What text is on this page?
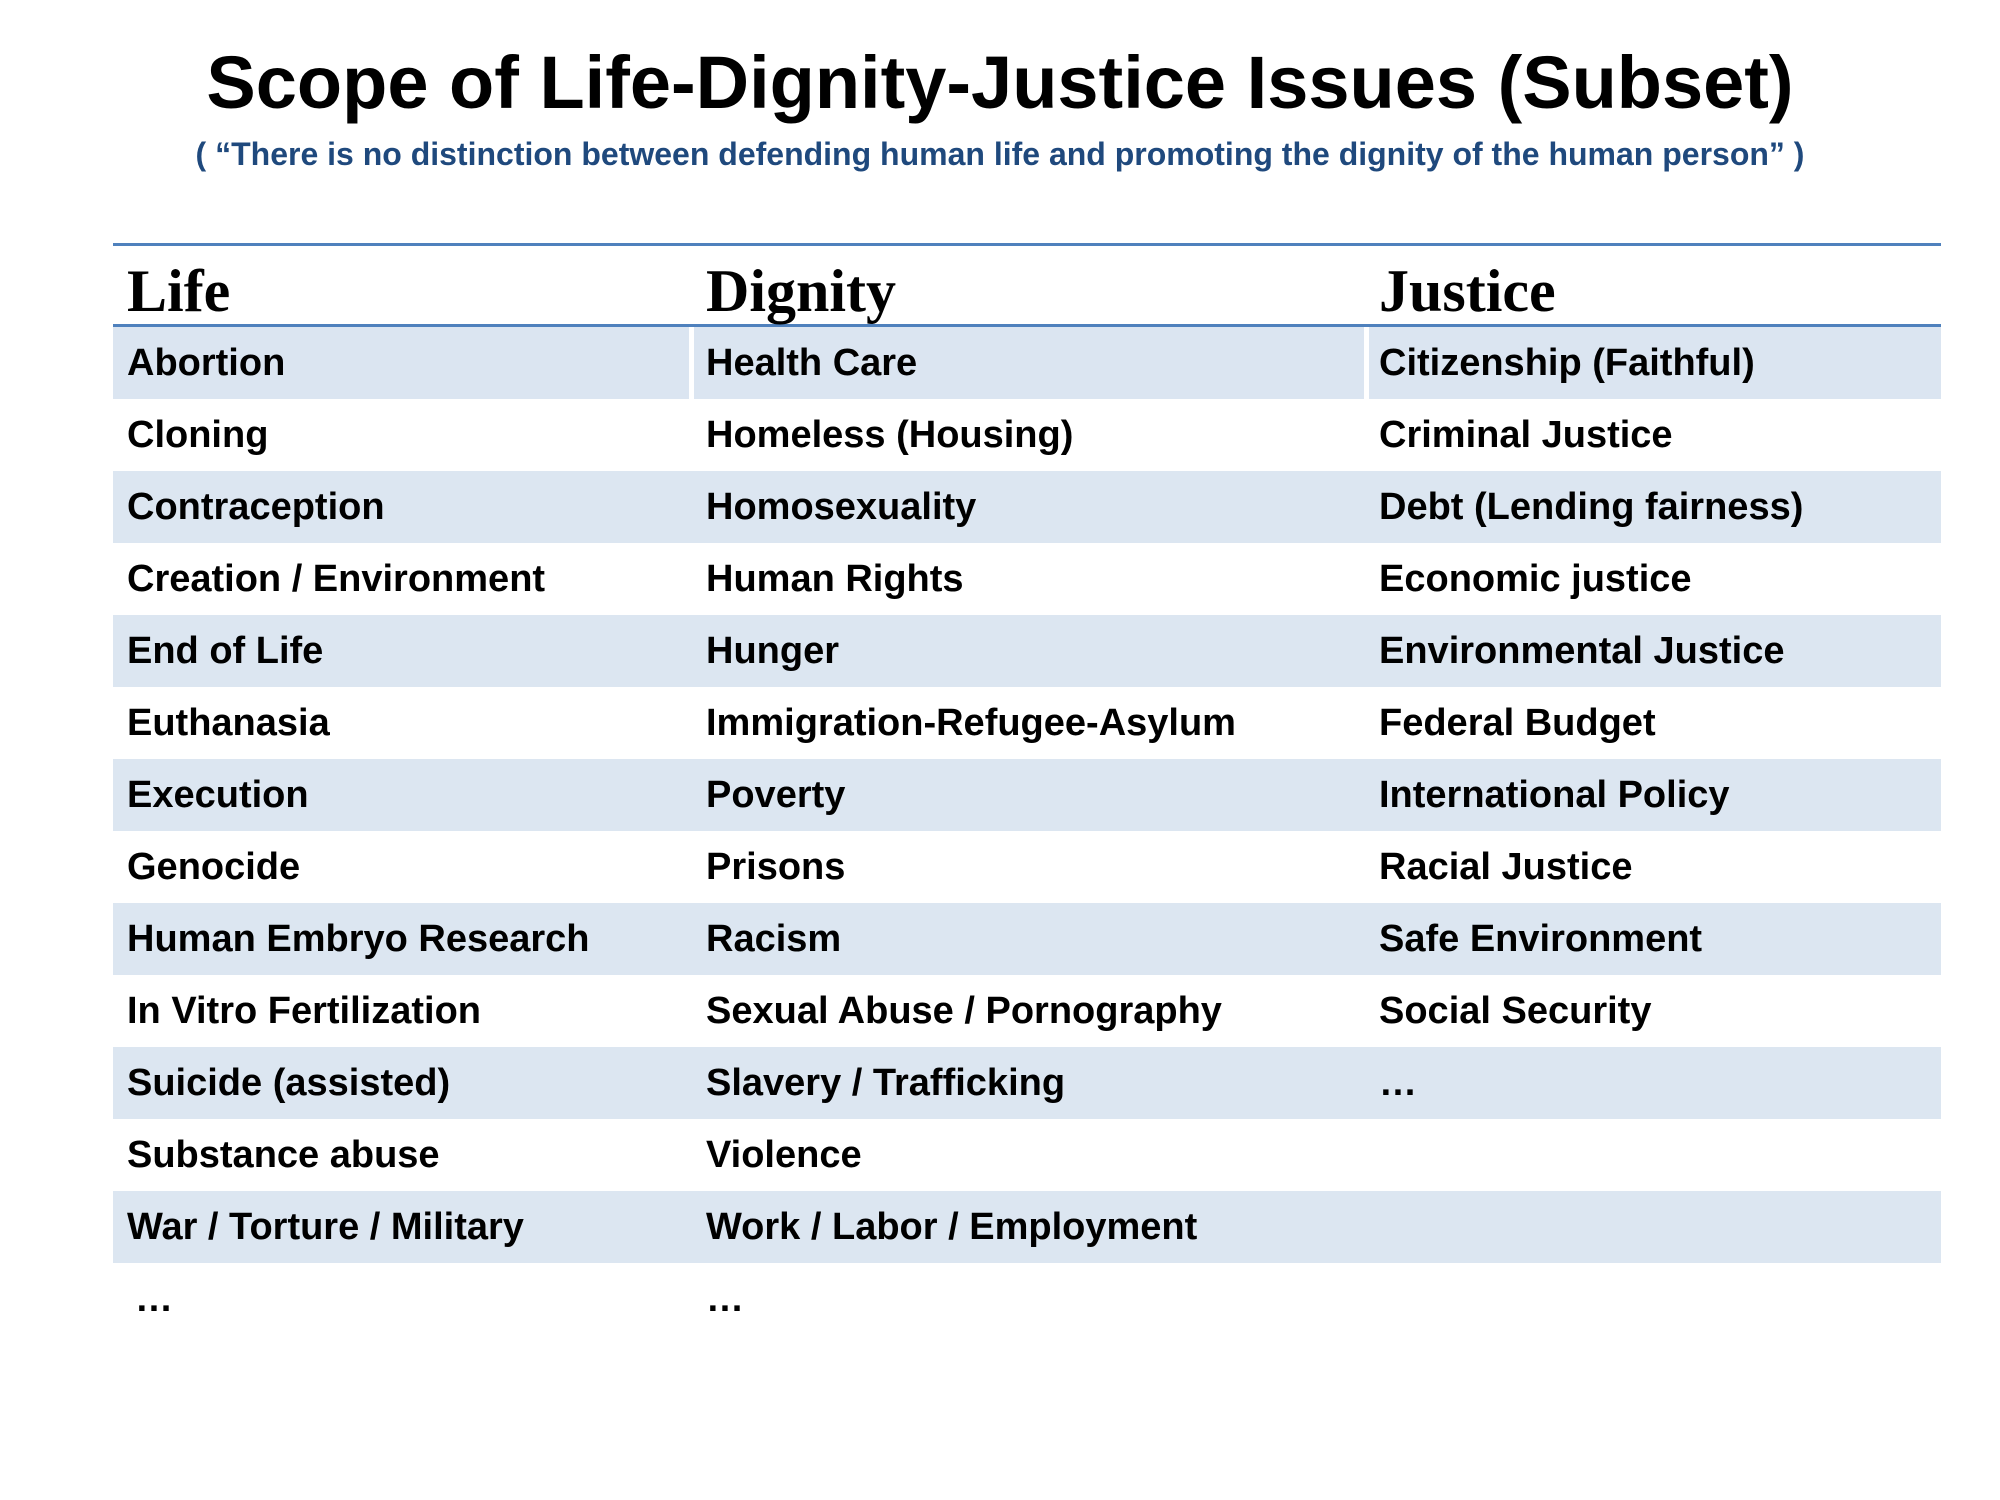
Scope of Life-Dignity-Justice Issues (Subset)
( “There is no distinction between defending human life and promoting the dignity of the human person” )
Life	Dignity	Justice
Abortion	Health Care	Citizenship (Faithful)
Cloning	Homeless (Housing)	Criminal Justice
Contraception	Homosexuality	Debt (Lending fairness)
Creation / Environment	Human Rights	Economic justice
End of Life	Hunger	Environmental Justice
Euthanasia	Immigration-Refugee-Asylum	Federal Budget
Execution	Poverty	International Policy
Genocide	Prisons	Racial Justice
Human Embryo Research	Racism	Safe Environment
In Vitro Fertilization	Sexual Abuse / Pornography	Social Security
Suicide (assisted)	Slavery / Trafficking	…
Substance abuse	Violence
War / Torture / Military	Work / Labor / Employment
…	…
